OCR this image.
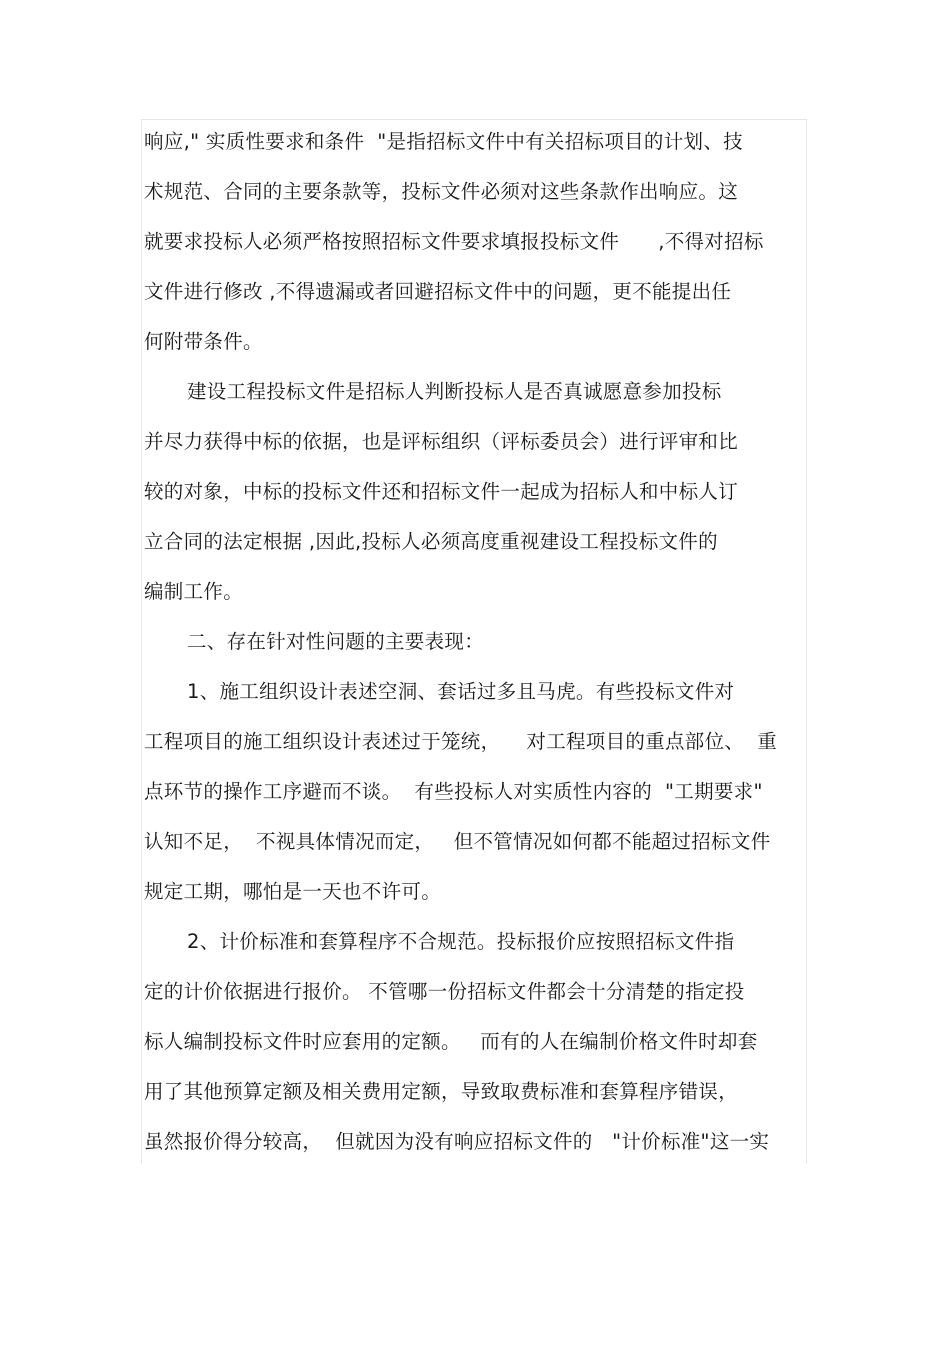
响应," 实质性要求和条件  "是指招标文件中有关招标项目的计划、技
术规范、合同的主要条款等，投标文件必须对这些条款作出响应。这
就要求投标人必须严格按照招标文件要求填报投标文件      ,不得对招标
文件进行修改 ,不得遗漏或者回避招标文件中的问题，更不能提出任
何附带条件。
建设工程投标文件是招标人判断投标人是否真诚愿意参加投标
并尽力获得中标的依据，也是评标组织（评标委员会）进行评审和比
较的对象，中标的投标文件还和招标文件一起成为招标人和中标人订
立合同的法定根据 ,因此,投标人必须高度重视建设工程投标文件的
编制工作。
二、存在针对性问题的主要表现：
1、施工组织设计表述空洞、套话过多且马虎。有些投标文件对
工程项目的施工组织设计表述过于笼统，    对工程项目的重点部位、  重
点环节的操作工序避而不谈。  有些投标人对实质性内容的  "工期要求"
认知不足，  不视具体情况而定，   但不管情况如何都不能超过招标文件
规定工期，哪怕是一天也不许可。
2、计价标准和套算程序不合规范。投标报价应按照招标文件指
定的计价依据进行报价。 不管哪一份招标文件都会十分清楚的指定投
标人编制投标文件时应套用的定额。   而有的人在编制价格文件时却套
用了其他预算定额及相关费用定额，导致取费标准和套算程序错误，
虽然报价得分较高，  但就因为没有响应招标文件的   "计价标准"这一实
